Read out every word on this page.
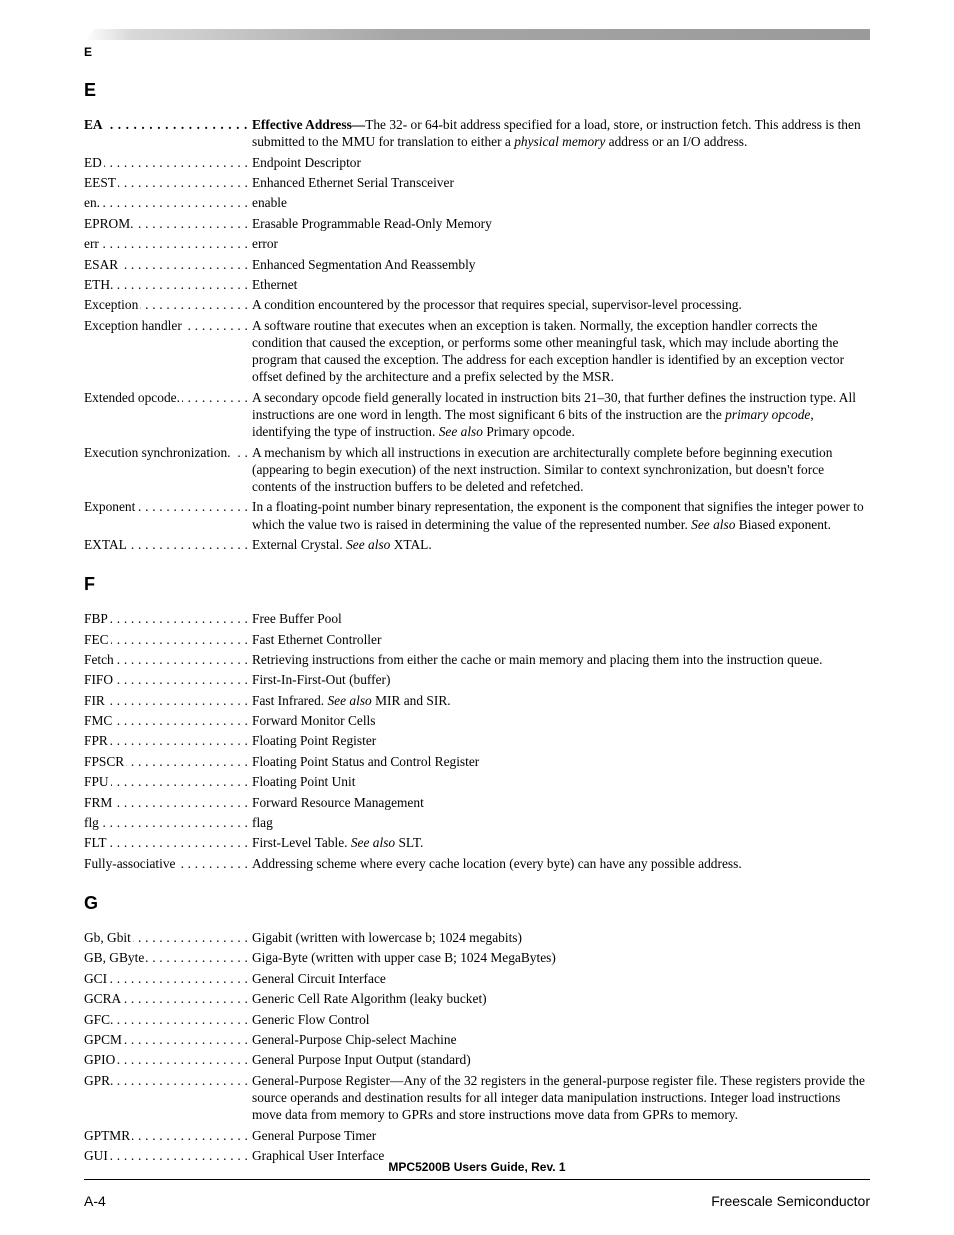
E
E
EA . . .	Effective Address—The 32- or 64-bit address specified for a load, store, or instruction fetch. This address is then submitted to the MMU for translation to either a physical memory address or an I/O address.
ED . . .	Endpoint Descriptor
EEST . . .	Enhanced Ethernet Serial Transceiver
en. . . .	enable
EPROM. . . .	Erasable Programmable Read-Only Memory
err . . .	error
ESAR . . .	Enhanced Segmentation And Reassembly
ETH. . . .	Ethernet
Exception . . .	A condition encountered by the processor that requires special, supervisor-level processing.
Exception handler . . .	A software routine that executes when an exception is taken. Normally, the exception handler corrects the condition that caused the exception, or performs some other meaningful task, which may include aborting the program that caused the exception. The address for each exception handler is identified by an exception vector offset defined by the architecture and a prefix selected by the MSR.
Extended opcode. . . .	A secondary opcode field generally located in instruction bits 21–30, that further defines the instruction type. All instructions are one word in length. The most significant 6 bits of the instruction are the primary opcode, identifying the type of instruction. See also Primary opcode.
Execution synchronization. . . .	A mechanism by which all instructions in execution are architecturally complete before beginning execution (appearing to begin execution) of the next instruction. Similar to context synchronization, but doesn't force contents of the instruction buffers to be deleted and refetched.
Exponent . . .	In a floating-point number binary representation, the exponent is the component that signifies the integer power to which the value two is raised in determining the value of the represented number. See also Biased exponent.
EXTAL . . .	External Crystal. See also XTAL.
F
FBP . . .	Free Buffer Pool
FEC . . .	Fast Ethernet Controller
Fetch . . .	Retrieving instructions from either the cache or main memory and placing them into the instruction queue.
FIFO . . .	First-In-First-Out (buffer)
FIR . . .	Fast Infrared. See also MIR and SIR.
FMC . . .	Forward Monitor Cells
FPR . . .	Floating Point Register
FPSCR . . .	Floating Point Status and Control Register
FPU . . .	Floating Point Unit
FRM . . .	Forward Resource Management
flg . . .	flag
FLT . . .	First-Level Table. See also SLT.
Fully-associative . . .	Addressing scheme where every cache location (every byte) can have any possible address.
G
Gb, Gbit . . .	Gigabit (written with lowercase b; 1024 megabits)
GB, GByte . . .	Giga-Byte (written with upper case B; 1024 MegaBytes)
GCI . . .	General Circuit Interface
GCRA . . .	Generic Cell Rate Algorithm (leaky bucket)
GFC. . . .	Generic Flow Control
GPCM . . .	General-Purpose Chip-select Machine
GPIO . . .	General Purpose Input Output (standard)
GPR. . . .	General-Purpose Register—Any of the 32 registers in the general-purpose register file. These registers provide the source operands and destination results for all integer data manipulation instructions. Integer load instructions move data from memory to GPRs and store instructions move data from GPRs to memory.
GPTMR . . .	General Purpose Timer
GUI . . .	Graphical User Interface
MPC5200B Users Guide, Rev. 1
A-4	Freescale Semiconductor
